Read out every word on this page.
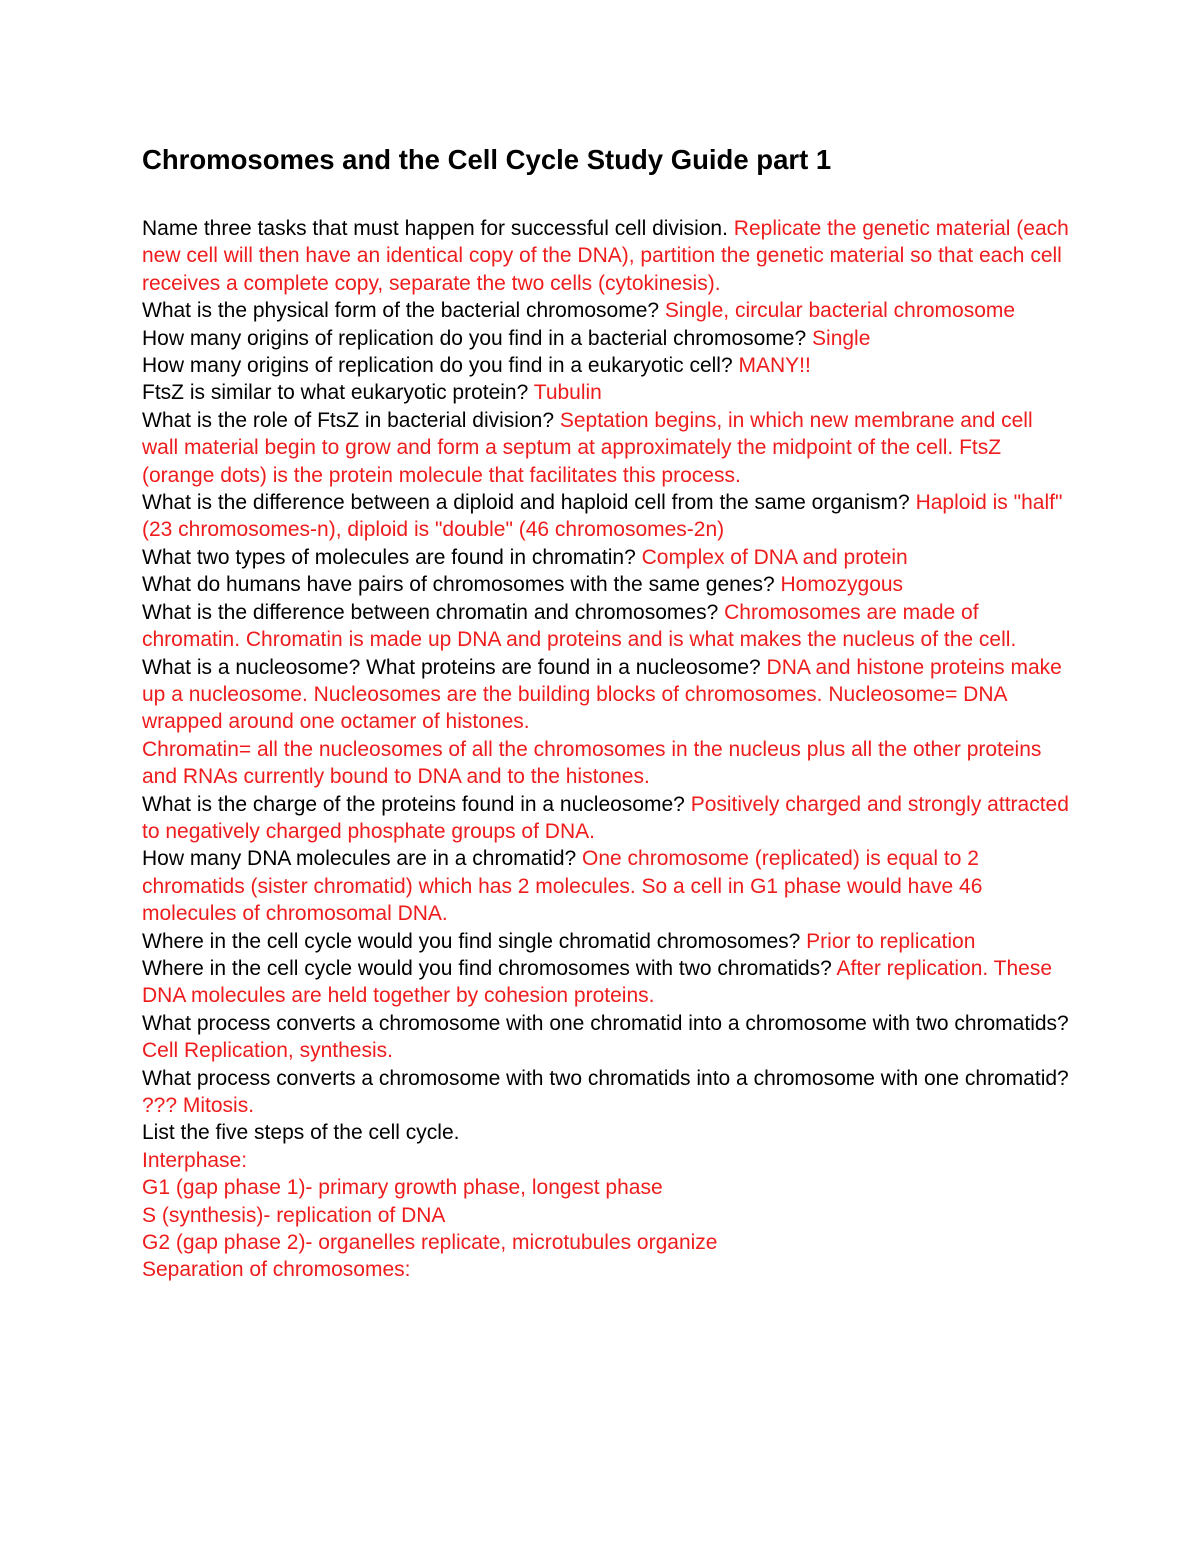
Chromosomes and the Cell Cycle Study Guide part 1

Name three tasks that must happen for successful cell division. Replicate the genetic material (each new cell will then have an identical copy of the DNA), partition the genetic material so that each cell receives a complete copy, separate the two cells (cytokinesis).

What is the physical form of the bacterial chromosome? Single, circular bacterial chromosome

How many origins of replication do you find in a bacterial chromosome? Single

How many origins of replication do you find in a eukaryotic cell? MANY!!

FtsZ is similar to what eukaryotic protein? Tubulin

What is the role of FtsZ in bacterial division? Septation begins, in which new membrane and cell wall material begin to grow and form a septum at approximately the midpoint of the cell. FtsZ (orange dots) is the protein molecule that facilitates this process.

What is the difference between a diploid and haploid cell from the same organism? Haploid is "half" (23 chromosomes-n), diploid is "double" (46 chromosomes-2n)

What two types of molecules are found in chromatin? Complex of DNA and protein

What do humans have pairs of chromosomes with the same genes? Homozygous

What is the difference between chromatin and chromosomes? Chromosomes are made of chromatin. Chromatin is made up DNA and proteins and is what makes the nucleus of the cell.

What is a nucleosome? What proteins are found in a nucleosome? DNA and histone proteins make up a nucleosome. Nucleosomes are the building blocks of chromosomes. Nucleosome= DNA wrapped around one octamer of histones.

Chromatin= all the nucleosomes of all the chromosomes in the nucleus plus all the other proteins and RNAs currently bound to DNA and to the histones.

What is the charge of the proteins found in a nucleosome? Positively charged and strongly attracted to negatively charged phosphate groups of DNA.

How many DNA molecules are in a chromatid? One chromosome (replicated) is equal to 2 chromatids (sister chromatid) which has 2 molecules. So a cell in G1 phase would have 46 molecules of chromosomal DNA.

Where in the cell cycle would you find single chromatid chromosomes? Prior to replication

Where in the cell cycle would you find chromosomes with two chromatids? After replication. These DNA molecules are held together by cohesion proteins.

What process converts a chromosome with one chromatid into a chromosome with two chromatids? Cell Replication, synthesis.

What process converts a chromosome with two chromatids into a chromosome with one chromatid? ??? Mitosis.

List the five steps of the cell cycle.

Interphase:

G1 (gap phase 1)- primary growth phase, longest phase

S (synthesis)- replication of DNA

G2 (gap phase 2)- organelles replicate, microtubules organize

Separation of chromosomes:
